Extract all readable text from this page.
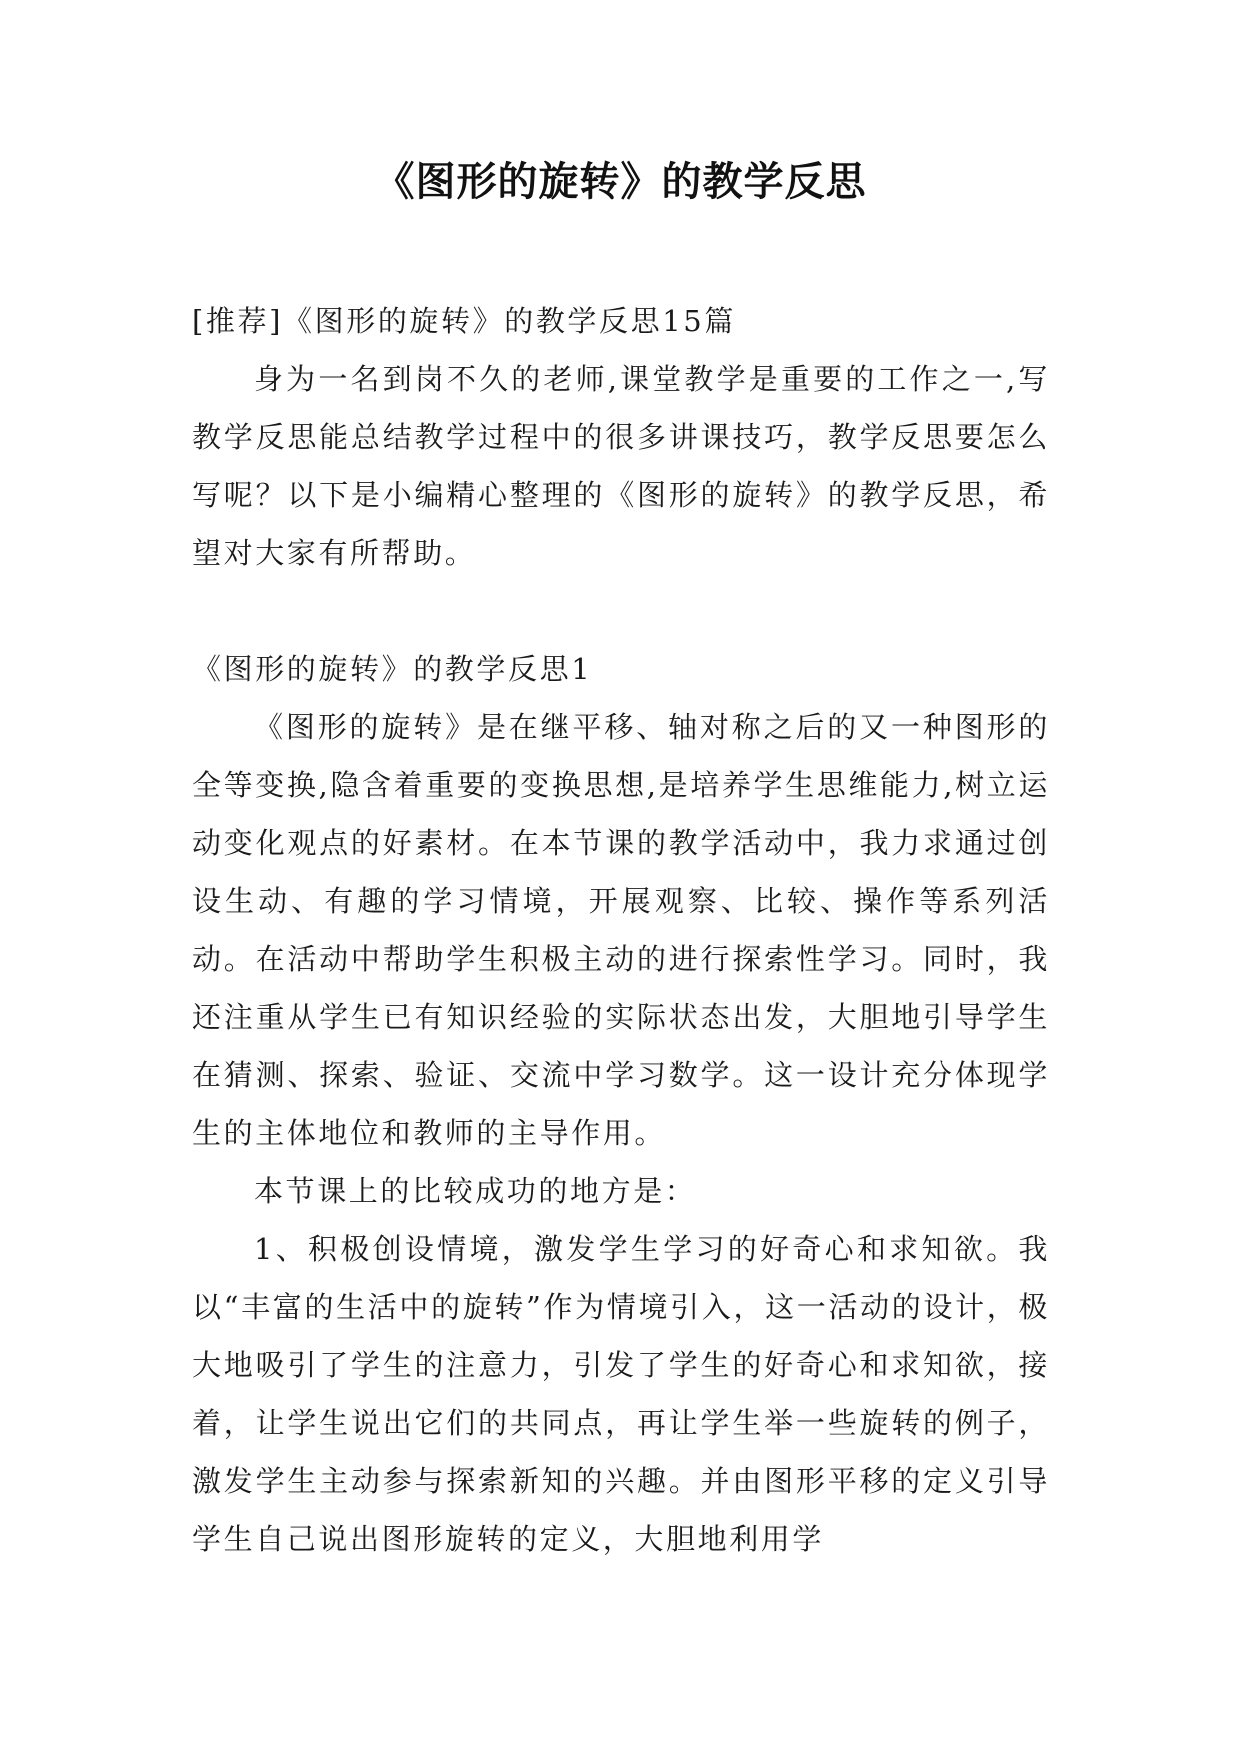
《图形的旋转》的教学反思

[推荐]《图形的旋转》的教学反思15篇

身为一名到岗不久的老师,课堂教学是重要的工作之一,写教学反思能总结教学过程中的很多讲课技巧，教学反思要怎么写呢？以下是小编精心整理的《图形的旋转》的教学反思，希望对大家有所帮助。

《图形的旋转》的教学反思1

《图形的旋转》是在继平移、轴对称之后的又一种图形的全等变换,隐含着重要的变换思想,是培养学生思维能力,树立运动变化观点的好素材。在本节课的教学活动中，我力求通过创设生动、有趣的学习情境，开展观察、比较、操作等系列活动。在活动中帮助学生积极主动的进行探索性学习。同时，我还注重从学生已有知识经验的实际状态出发，大胆地引导学生在猜测、探索、验证、交流中学习数学。这一设计充分体现学生的主体地位和教师的主导作用。

本节课上的比较成功的地方是：

1、积极创设情境，激发学生学习的好奇心和求知欲。我以“丰富的生活中的旋转”作为情境引入，这一活动的设计，极大地吸引了学生的注意力，引发了学生的好奇心和求知欲，接着，让学生说出它们的共同点，再让学生举一些旋转的例子，激发学生主动参与探索新知的兴趣。并由图形平移的定义引导学生自己说出图形旋转的定义，大胆地利用学
